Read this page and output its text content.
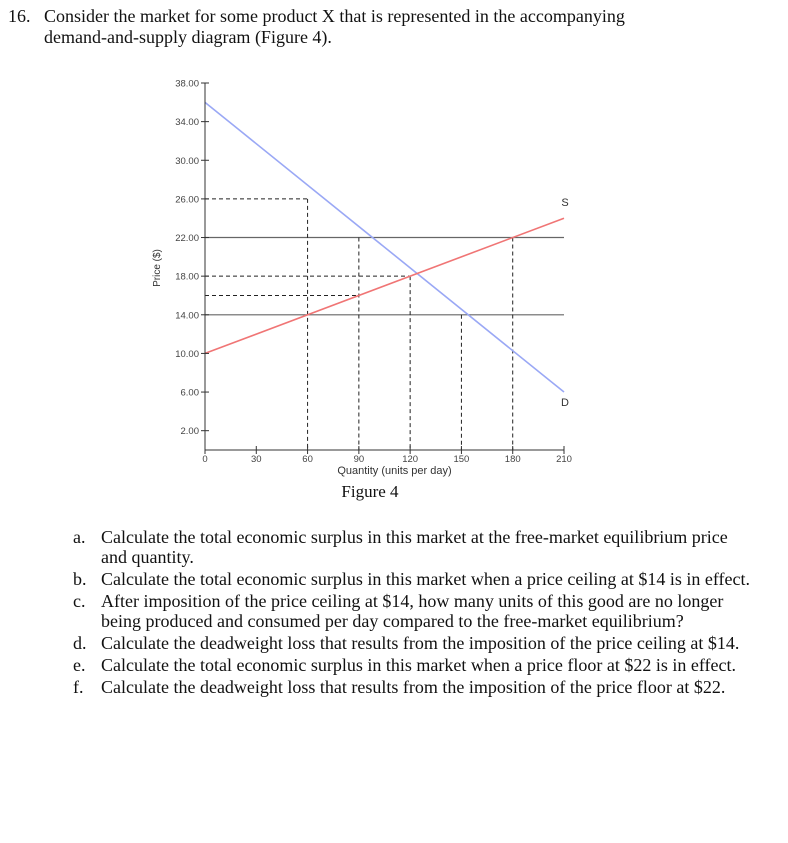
16. Consider the market for some product X that is represented in the accompanying
demand-and-supply diagram (Figure 4).
D
S
2.00
6.00
10.00
14.00
18.00
22.00
26.00
30.00
34.00
38.00
0	30	60	90	120	150	180	210
Quantity (units per day)
Price ($)
Figure 4
a. Calculate the total economic surplus in this market at the free-market equilibrium price and quantity.
b. Calculate the total economic surplus in this market when a price ceiling at $14 is in effect.
c. After imposition of the price ceiling at $14, how many units of this good are no longer being produced and consumed per day compared to the free-market equilibrium?
d. Calculate the deadweight loss that results from the imposition of the price ceiling at $14.
e. Calculate the total economic surplus in this market when a price floor at $22 is in effect.
f. Calculate the deadweight loss that results from the imposition of the price floor at $22.
